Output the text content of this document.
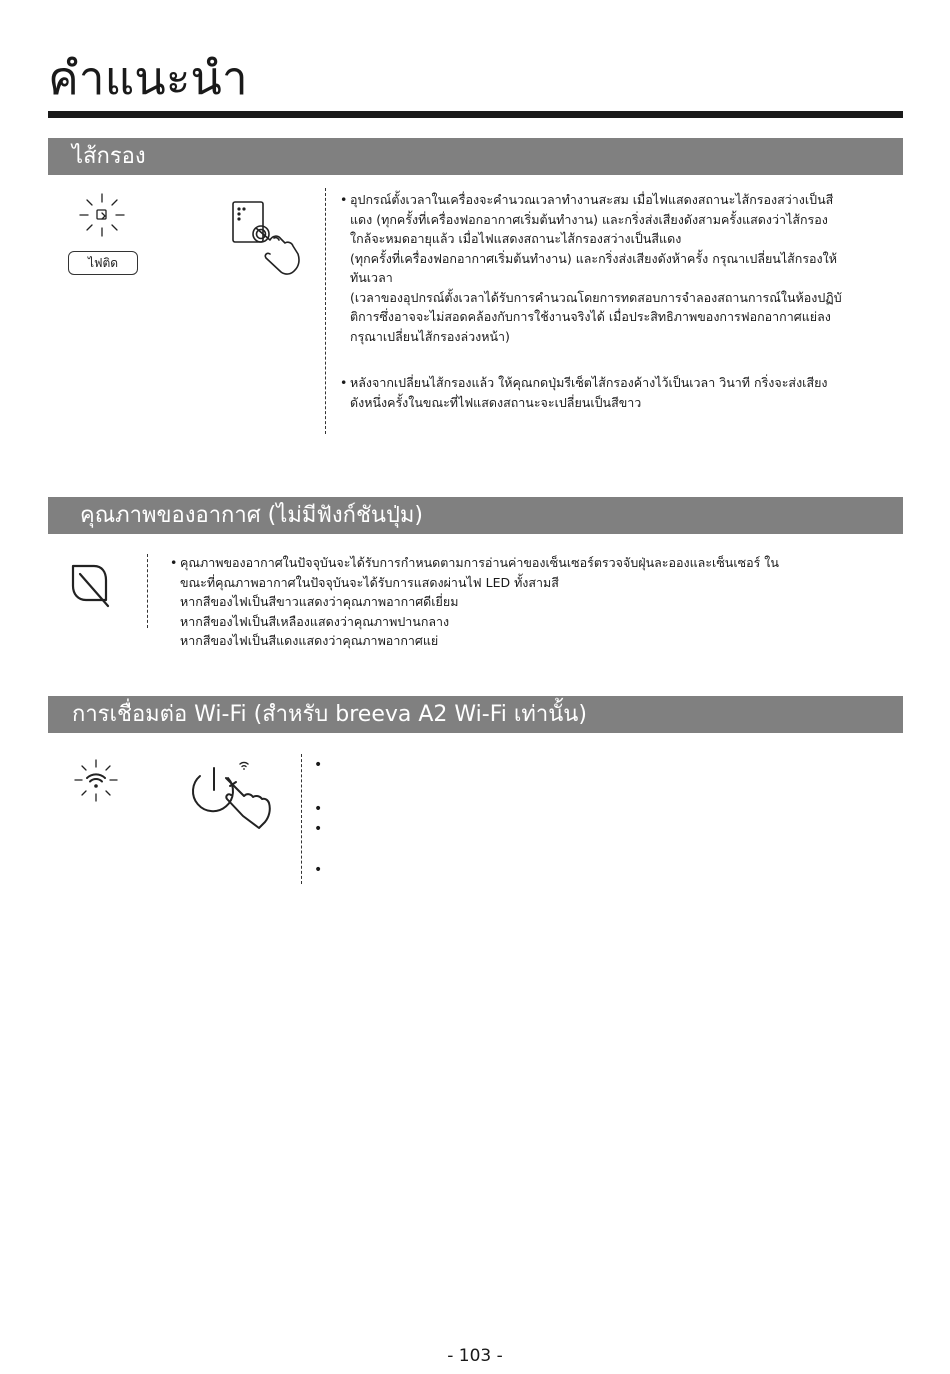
คำแนะนำ
ไส้กรอง
ไฟติด
• อุปกรณ์ตั้งเวลาในเครื่องจะคำนวณเวลาทำงานสะสม เมื่อไฟแสดงสถานะไส้กรองสว่างเป็นสี
แดง (ทุกครั้งที่เครื่องฟอกอากาศเริ่มต้นทำงาน) และกริ่งส่งเสียงดังสามครั้งแสดงว่าไส้กรอง
ใกล้จะหมดอายุแล้ว เมื่อไฟแสดงสถานะไส้กรองสว่างเป็นสีแดง
(ทุกครั้งที่เครื่องฟอกอากาศเริ่มต้นทำงาน) และกริ่งส่งเสียงดังห้าครั้ง กรุณาเปลี่ยนไส้กรองให้
ทันเวลา
(เวลาของอุปกรณ์ตั้งเวลาได้รับการคำนวณโดยการทดสอบการจำลองสถานการณ์ในห้องปฏิบั
ติการซึ่งอาจจะไม่สอดคล้องกับการใช้งานจริงได้ เมื่อประสิทธิภาพของการฟอกอากาศแย่ลง
กรุณาเปลี่ยนไส้กรองล่วงหน้า)
• หลังจากเปลี่ยนไส้กรองแล้ว ให้คุณกดปุ่มรีเซ็ตไส้กรองค้างไว้เป็นเวลา วินาที กริ่งจะส่งเสียง
ดังหนึ่งครั้งในขณะที่ไฟแสดงสถานะจะเปลี่ยนเป็นสีขาว
คุณภาพของอากาศ (ไม่มีฟังก์ชันปุ่ม)
• คุณภาพของอากาศในปัจจุบันจะได้รับการกำหนดตามการอ่านค่าของเซ็นเซอร์ตรวจจับฝุ่นละอองและเซ็นเซอร์ ใน
ขณะที่คุณภาพอากาศในปัจจุบันจะได้รับการแสดงผ่านไฟ LED ทั้งสามสี
หากสีของไฟเป็นสีขาวแสดงว่าคุณภาพอากาศดีเยี่ยม
หากสีของไฟเป็นสีเหลืองแสดงว่าคุณภาพปานกลาง
หากสีของไฟเป็นสีแดงแสดงว่าคุณภาพอากาศแย่
การเชื่อมต่อ Wi-Fi (สำหรับ breeva A2 Wi-Fi เท่านั้น)
•
•
•
•
- 103 -
